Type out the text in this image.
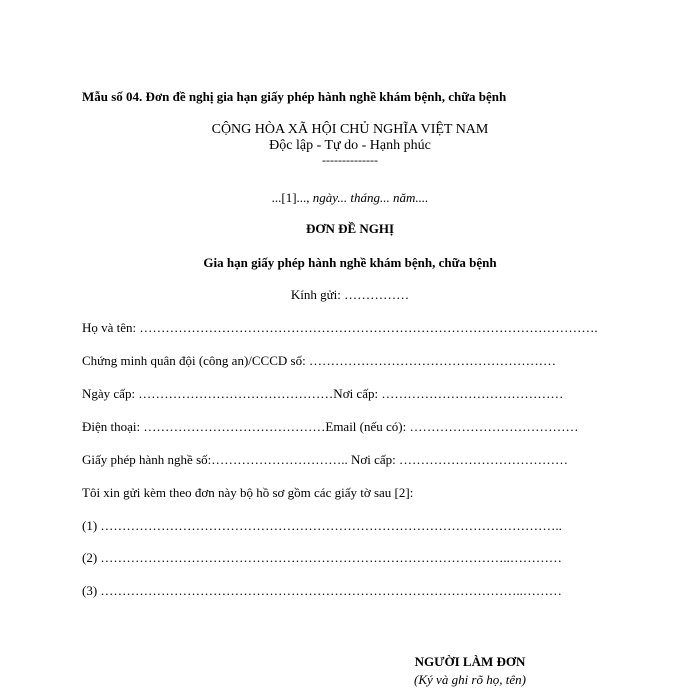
Mẫu số 04. Đơn đề nghị gia hạn giấy phép hành nghề khám bệnh, chữa bệnh
CỘNG HÒA XÃ HỘI CHỦ NGHĨA VIỆT NAM
Độc lập - Tự do - Hạnh phúc
--------------
...[1]..., ngày... tháng... năm....
ĐƠN ĐỀ NGHỊ
Gia hạn giấy phép hành nghề khám bệnh, chữa bệnh
Kính gửi: ……………
Họ và tên: …………………………………………………………………………………………….
Chứng minh quân đội (công an)/CCCD số: …………………………………………………
Ngày cấp: ………………………………………Nơi cấp: ……………………………………
Điện thoại: ……………………………………Email (nếu có): …………………………………
Giấy phép hành nghề số:………………………….. Nơi cấp: …………………………………
Tôi xin gửi kèm theo đơn này bộ hồ sơ gồm các giấy tờ sau [2]:
(1) ……………………………………………………………………………………………..
(2) …………………………………………………………………………………..…………
(3) ……………………………………………………………………………………..………
NGƯỜI LÀM ĐƠN
(Ký và ghi rõ họ, tên)
